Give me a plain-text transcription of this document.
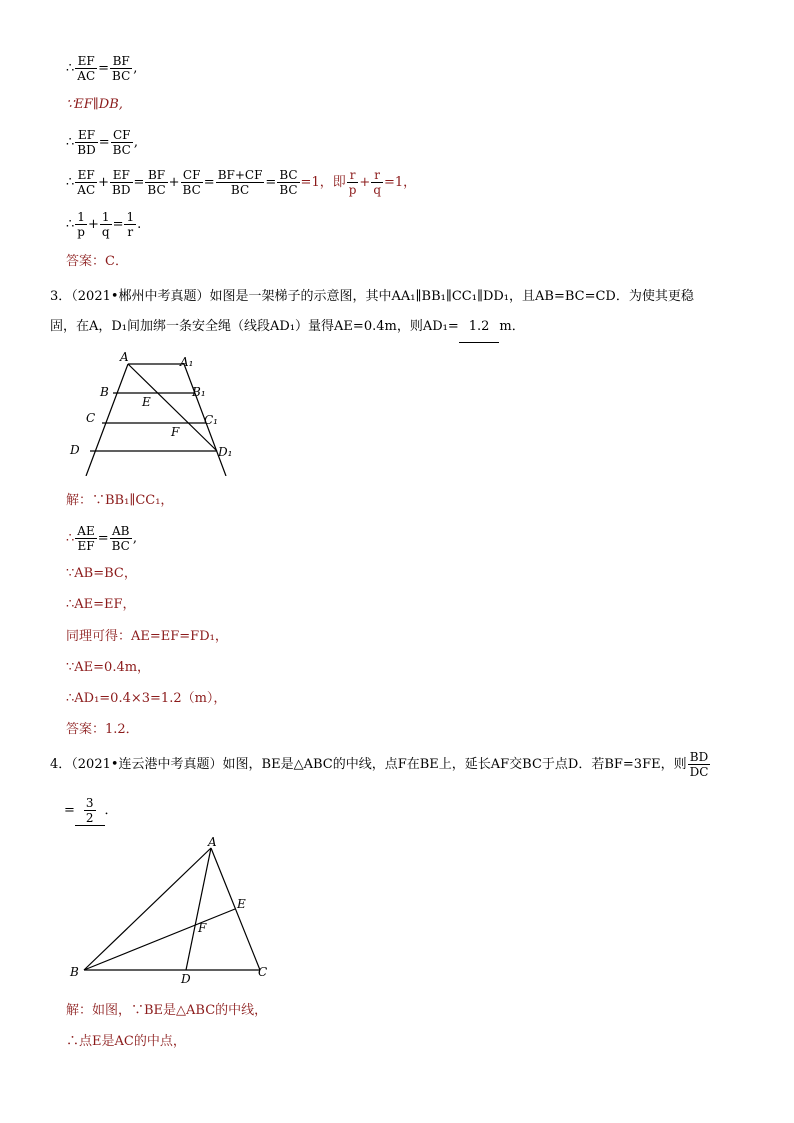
∴ $\frac{EF}{AC} = \frac{BF}{BC}$ ,
∵EF∥DB,
∴ $\frac{EF}{BD} = \frac{CF}{BC}$ ,
∴ $\frac{EF}{AC} + \frac{EF}{BD} = \frac{BF}{BC} + \frac{CF}{BC} = \frac{BF+CF}{BC} = \frac{BC}{BC} =1$，即 $\frac{r}{p} + \frac{r}{q} =1$，
∴ $\frac{1}{p} + \frac{1}{q} = \frac{1}{r}$ .
答案：C．
3．（2021•郴州中考真题）如图是一架梯子的示意图，其中AA₁∥BB₁∥CC₁∥DD₁，且AB=BC=CD．为使其更稳
固，在A，D₁间加绑一条安全绳（线段AD₁）量得AE=0.4m，则AD₁= 1.2 m．
A	A₁
B	B₁
E
C	C₁
F
D	D₁
解：∵BB₁∥CC₁，
∴ $\frac{AE}{EF} = \frac{AB}{BC}$ ,
∵AB=BC，
∴AE=EF，
同理可得：AE=EF=FD₁，
∵AE=0.4m，
∴AD₁=0.4×3=1.2（m），
答案：1.2．
4．（2021•连云港中考真题）如图，BE是△ABC的中线，点F在BE上，延长AF交BC于点D．若BF=3FE，则 $\frac{BD}{DC}$
= $\frac{3}{2}$ ．
A
E
F
B	D	C
解：如图，∵BE是△ABC的中线，
∴点E是AC的中点，
